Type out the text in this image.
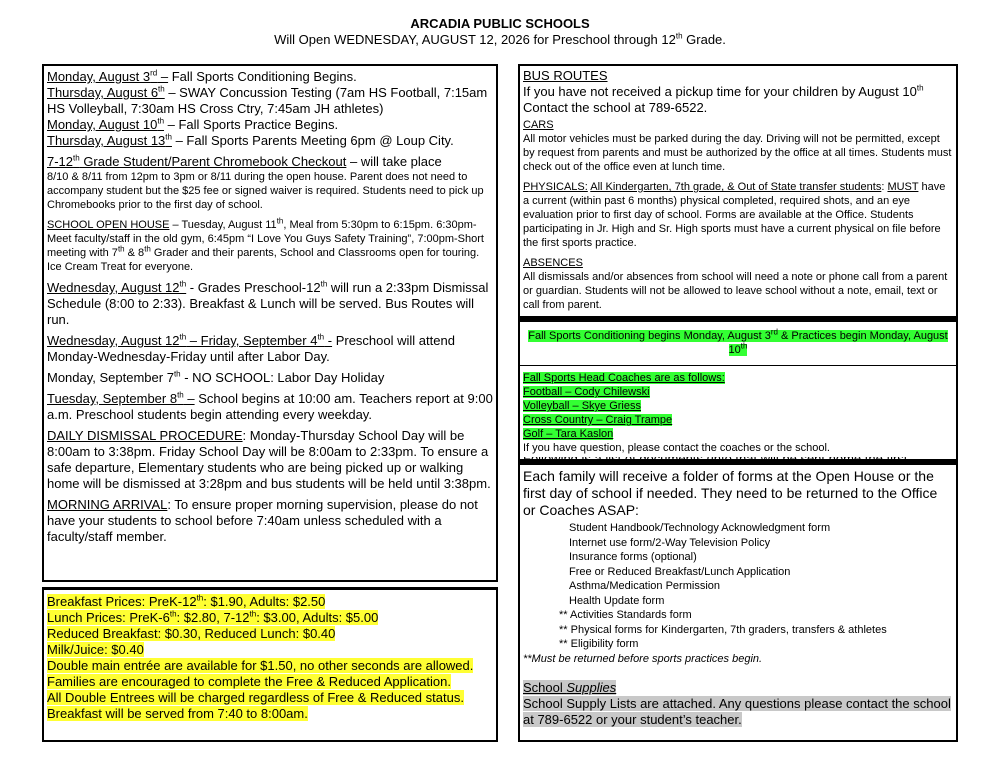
ARCADIA PUBLIC SCHOOLS
Will Open WEDNESDAY, AUGUST 12, 2026 for Preschool through 12th Grade.
Monday, August 3rd – Fall Sports Conditioning Begins.
Thursday, August 6th – SWAY Concussion Testing (7am HS Football, 7:15am HS Volleyball, 7:30am HS Cross Ctry, 7:45am JH athletes)
Monday, August 10th – Fall Sports Practice Begins.
Thursday, August 13th – Fall Sports Parents Meeting 6pm @ Loup City.
7-12th Grade Student/Parent Chromebook Checkout – will take place
8/10 & 8/11 from 12pm to 3pm or 8/11 during the open house. Parent does not need to accompany student but the $25 fee or signed waiver is required. Students need to pick up Chromebooks prior to the first day of school.
SCHOOL OPEN HOUSE – Tuesday, August 11th, Meal from 5:30pm to 6:15pm. 6:30pm-Meet faculty/staff in the old gym, 6:45pm “I Love You Guys Safety Training”, 7:00pm-Short meeting with 7th & 8th Grader and their parents, School and Classrooms open for touring. Ice Cream Treat for everyone.
Wednesday, August 12th - Grades Preschool-12th will run a 2:33pm Dismissal Schedule (8:00 to 2:33). Breakfast & Lunch will be served. Bus Routes will run.
Wednesday, August 12th – Friday, September 4th - Preschool will attend Monday-Wednesday-Friday until after Labor Day.
Monday, September 7th - NO SCHOOL: Labor Day Holiday
Tuesday, September 8th – School begins at 10:00 am. Teachers report at 9:00 a.m. Preschool students begin attending every weekday.
DAILY DISMISSAL PROCEDURE: Monday-Thursday School Day will be 8:00am to 3:38pm. Friday School Day will be 8:00am to 2:33pm. To ensure a safe departure, Elementary students who are being picked up or walking home will be dismissed at 3:28pm and bus students will be held until 3:38pm.
MORNING ARRIVAL: To ensure proper morning supervision, please do not have your students to school before 7:40am unless scheduled with a faculty/staff member.
Breakfast Prices: PreK-12th: $1.90, Adults: $2.50
Lunch Prices: PreK-6th: $2.80, 7-12th: $3.00, Adults: $5.00
Reduced Breakfast: $0.30, Reduced Lunch: $0.40
Milk/Juice: $0.40
Double main entrée are available for $1.50, no other seconds are allowed.
Families are encouraged to complete the Free & Reduced Application.
All Double Entrees will be charged regardless of Free & Reduced status.
Breakfast will be served from 7:40 to 8:00am.
BUS ROUTES
If you have not received a pickup time for your children by August 10th Contact the school at 789-6522.
CARS
All motor vehicles must be parked during the day. Driving will not be permitted, except by request from parents and must be authorized by the office at all times. Students must check out of the office even at lunch time.
PHYSICALS: All Kindergarten, 7th grade, & Out of State transfer students: MUST have a current (within past 6 months) physical completed, required shots, and an eye evaluation prior to first day of school. Forms are available at the Office. Students participating in Jr. High and Sr. High sports must have a current physical on file before the first sports practice.
ABSENCES
All dismissals and/or absences from school will need a note or phone call from a parent or guardian. Students will not be allowed to leave school without a note, email, text or call from parent.
Fall Sports Conditioning begins Monday, August 3rd & Practices begin Monday, August 10th
Fall Sports Head Coaches are as follows:
Football – Cody Chilewski
Volleyball – Skye Griess
Cross Country – Craig Trampe
Golf – Tara Kaslon
If you have question, please contact the coaches or the school.
Each family will receive a folder of forms at the Open House or the first day of school if needed. They need to be returned to the Office or Coaches ASAP:
Student Handbook/Technology Acknowledgment form
Internet use form/2-Way Television Policy
Insurance forms (optional)
Free or Reduced Breakfast/Lunch Application
Asthma/Medication Permission
Health Update form
** Activities Standards form
** Physical forms for Kindergarten, 7th graders, transfers & athletes
** Eligibility form
**Must be returned before sports practices begin.
School Supplies
School Supply Lists are attached. Any questions please contact the school at 789-6522 or your student’s teacher.
